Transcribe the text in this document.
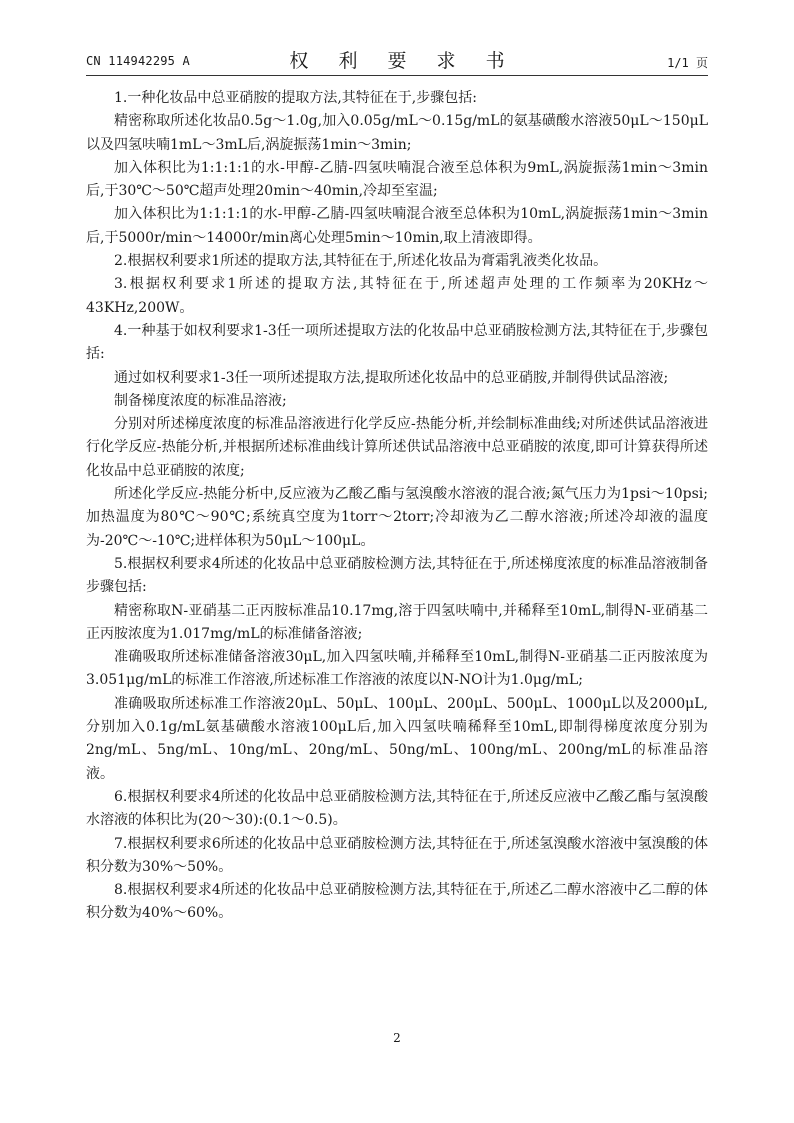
CN 114942295 A	权 利 要 求 书	1/1 页

1.一种化妆品中总亚硝胺的提取方法,其特征在于,步骤包括:

精密称取所述化妆品0.5g～1.0g,加入0.05g/mL～0.15g/mL的氨基磺酸水溶液50μL～150μL以及四氢呋喃1mL～3mL后,涡旋振荡1min～3min;

加入体积比为1:1:1:1的水-甲醇-乙腈-四氢呋喃混合液至总体积为9mL,涡旋振荡1min～3min后,于30℃～50℃超声处理20min～40min,冷却至室温;

加入体积比为1:1:1:1的水-甲醇-乙腈-四氢呋喃混合液至总体积为10mL,涡旋振荡1min～3min后,于5000r/min～14000r/min离心处理5min～10min,取上清液即得。

2.根据权利要求1所述的提取方法,其特征在于,所述化妆品为膏霜乳液类化妆品。

3.根据权利要求1所述的提取方法,其特征在于,所述超声处理的工作频率为20KHz～43KHz,200W。

4.一种基于如权利要求1-3任一项所述提取方法的化妆品中总亚硝胺检测方法,其特征在于,步骤包括:

通过如权利要求1-3任一项所述提取方法,提取所述化妆品中的总亚硝胺,并制得供试品溶液;

制备梯度浓度的标准品溶液;

分别对所述梯度浓度的标准品溶液进行化学反应-热能分析,并绘制标准曲线;对所述供试品溶液进行化学反应-热能分析,并根据所述标准曲线计算所述供试品溶液中总亚硝胺的浓度,即可计算获得所述化妆品中总亚硝胺的浓度;

所述化学反应-热能分析中,反应液为乙酸乙酯与氢溴酸水溶液的混合液;氮气压力为1psi～10psi;加热温度为80℃～90℃;系统真空度为1torr～2torr;冷却液为乙二醇水溶液;所述冷却液的温度为-20℃～-10℃;进样体积为50μL～100μL。

5.根据权利要求4所述的化妆品中总亚硝胺检测方法,其特征在于,所述梯度浓度的标准品溶液制备步骤包括:

精密称取N-亚硝基二正丙胺标准品10.17mg,溶于四氢呋喃中,并稀释至10mL,制得N-亚硝基二正丙胺浓度为1.017mg/mL的标准储备溶液;

准确吸取所述标准储备溶液30μL,加入四氢呋喃,并稀释至10mL,制得N-亚硝基二正丙胺浓度为3.051μg/mL的标准工作溶液,所述标准工作溶液的浓度以N-NO计为1.0μg/mL;

准确吸取所述标准工作溶液20μL、50μL、100μL、200μL、500μL、1000μL以及2000μL,分别加入0.1g/mL氨基磺酸水溶液100μL后,加入四氢呋喃稀释至10mL,即制得梯度浓度分别为2ng/mL、5ng/mL、10ng/mL、20ng/mL、50ng/mL、100ng/mL、200ng/mL的标准品溶液。

6.根据权利要求4所述的化妆品中总亚硝胺检测方法,其特征在于,所述反应液中乙酸乙酯与氢溴酸水溶液的体积比为(20～30):(0.1～0.5)。

7.根据权利要求6所述的化妆品中总亚硝胺检测方法,其特征在于,所述氢溴酸水溶液中氢溴酸的体积分数为30%～50%。

8.根据权利要求4所述的化妆品中总亚硝胺检测方法,其特征在于,所述乙二醇水溶液中乙二醇的体积分数为40%～60%。

2
